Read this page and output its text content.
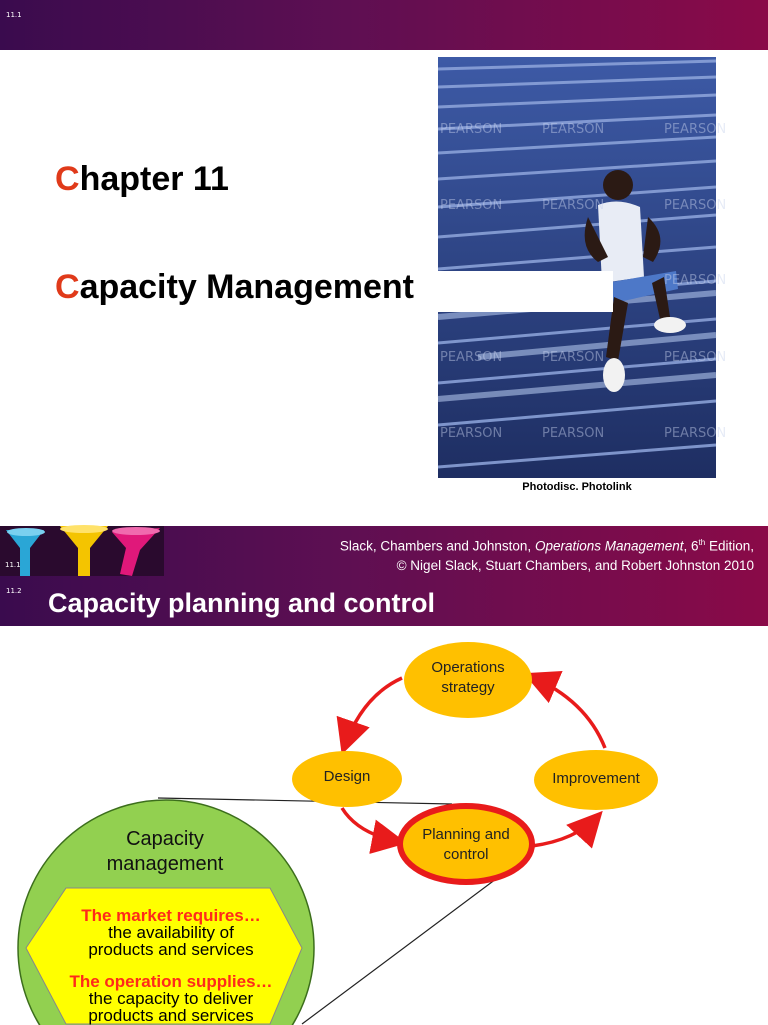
11.1
PEARSON	PEARSON	PEARSON
PEARSON	PEARSON	PEARSON
PEARSON
PEARSON	PEARSON	PEARSON
PEARSON	PEARSON	PEARSON
Photodisc. Photolink
Chapter 11
Capacity Management
11.1
Slack, Chambers and Johnston, Operations Management, 6th Edition,
© Nigel Slack, Stuart Chambers, and Robert Johnston 2010
11.2 Capacity planning and control
Operations
strategy
Design	Improvement
Planning and
control
Capacity
management
The market requires…
the availability of
products and services
The operation supplies…
the capacity to deliver
products and services
